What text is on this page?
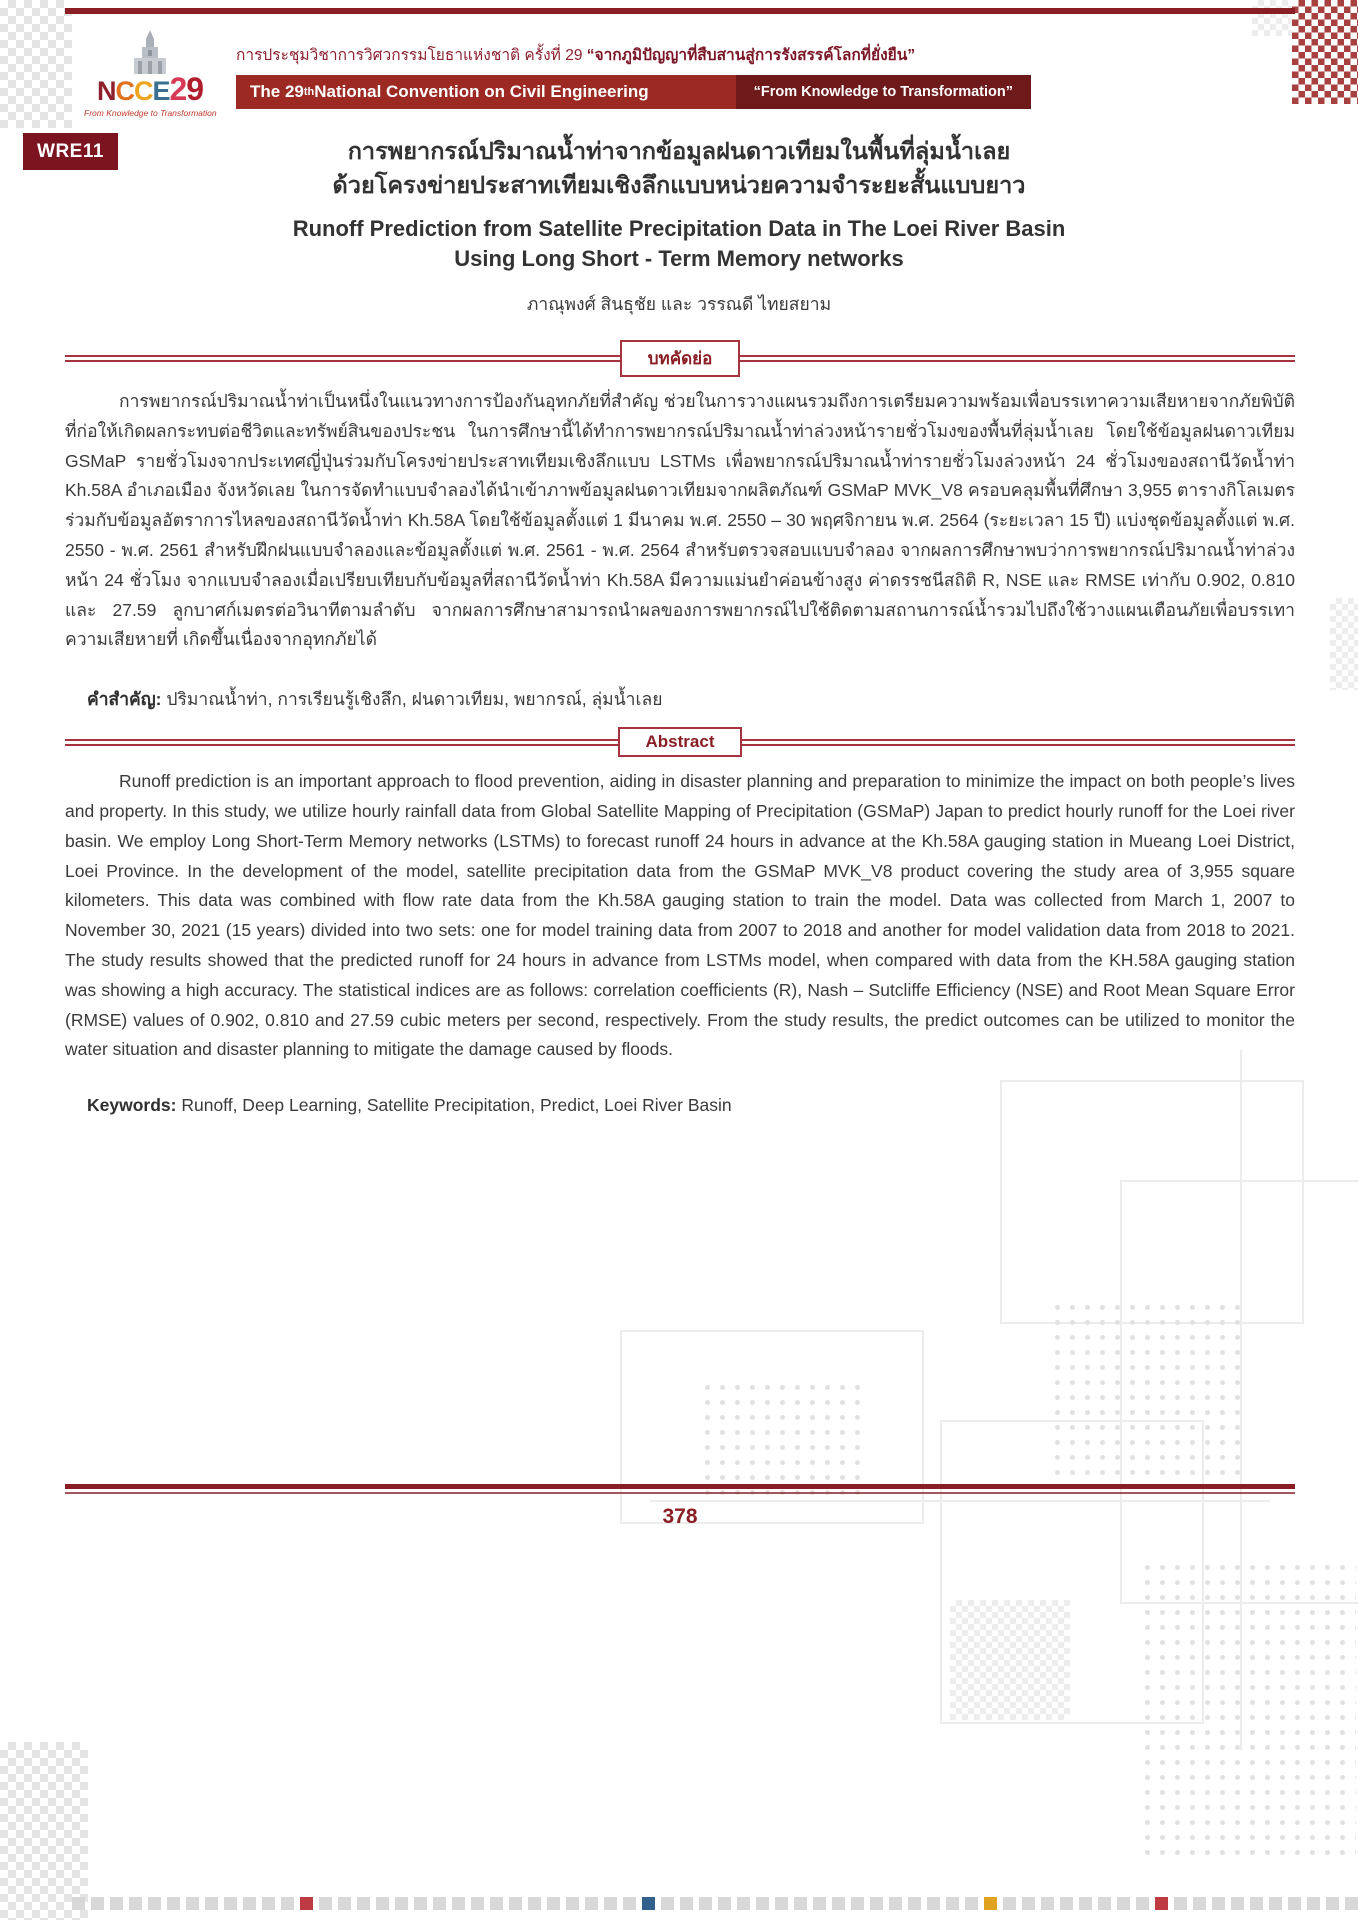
NCCE29
From Knowledge to Transformation
การประชุมวิชาการวิศวกรรมโยธาแห่งชาติ ครั้งที่ 29 “จากภูมิปัญญาที่สืบสานสู่การรังสรรค์โลกที่ยั่งยืน”
The 29 th National Convention on Civil Engineering	“From Knowledge to Transformation”
WRE11	การพยากรณ์ปริมาณน้ำท่าจากข้อมูลฝนดาวเทียมในพื้นที่ลุ่มน้ำเลย
ด้วยโครงข่ายประสาทเทียมเชิงลึกแบบหน่วยความจำระยะสั้นแบบยาว
Runoff Prediction from Satellite Precipitation Data in The Loei River Basin
Using Long Short - Term Memory networks
ภาณุพงศ์ สินธุชัย และ วรรณดี ไทยสยาม
บทคัดย่อ

การพยากรณ์ปริมาณน้ำท่าเป็นหนึ่งในแนวทางการป้องกันอุทกภัยที่สำคัญ ช่วยในการวางแผนรวมถึงการเตรียมความพร้อมเพื่อบรรเทาความเสียหายจากภัยพิบัติที่ก่อให้เกิดผลกระทบต่อชีวิตและทรัพย์สินของประชน ในการศึกษานี้ได้ทำการพยากรณ์ปริมาณน้ำท่าล่วงหน้ารายชั่วโมงของพื้นที่ลุ่มน้ำเลย โดยใช้ข้อมูลฝนดาวเทียม GSMaP รายชั่วโมงจากประเทศญี่ปุ่นร่วมกับโครงข่ายประสาทเทียมเชิงลึกแบบ LSTMs เพื่อพยากรณ์ปริมาณน้ำท่ารายชั่วโมงล่วงหน้า 24 ชั่วโมงของสถานีวัดน้ำท่า Kh.58A อำเภอเมือง จังหวัดเลย ในการจัดทำแบบจำลองได้นำเข้าภาพข้อมูลฝนดาวเทียมจากผลิตภัณฑ์ GSMaP MVK_V8 ครอบคลุมพื้นที่ศึกษา 3,955 ตารางกิโลเมตร ร่วมกับข้อมูลอัตราการไหลของสถานีวัดน้ำท่า Kh.58A โดยใช้ข้อมูลตั้งแต่ 1 มีนาคม พ.ศ. 2550 – 30 พฤศจิกายน พ.ศ. 2564 (ระยะเวลา 15 ปี) แบ่งชุดข้อมูลตั้งแต่ พ.ศ. 2550 - พ.ศ. 2561 สำหรับฝึกฝนแบบจำลองและข้อมูลตั้งแต่ พ.ศ. 2561 - พ.ศ. 2564 สำหรับตรวจสอบแบบจำลอง จากผลการศึกษาพบว่าการพยากรณ์ปริมาณน้ำท่าล่วงหน้า 24 ชั่วโมง จากแบบจำลองเมื่อเปรียบเทียบกับข้อมูลที่สถานีวัดน้ำท่า Kh.58A มีความแม่นยำค่อนข้างสูง ค่าดรรชนีสถิติ R, NSE และ RMSE เท่ากับ 0.902, 0.810 และ 27.59 ลูกบาศก์เมตรต่อวินาทีตามลำดับ จากผลการศึกษาสามารถนำผลของการพยากรณ์ไปใช้ติดตามสถานการณ์น้ำรวมไปถึงใช้วางแผนเตือนภัยเพื่อบรรเทาความเสียหายที่ เกิดขึ้นเนื่องจากอุทกภัยได้

คำสำคัญ: ปริมาณน้ำท่า, การเรียนรู้เชิงลึก, ฝนดาวเทียม, พยากรณ์, ลุ่มน้ำเลย

Abstract

Runoff prediction is an important approach to flood prevention, aiding in disaster planning and preparation to minimize the impact on both people’s lives and property. In this study, we utilize hourly rainfall data from Global Satellite Mapping of Precipitation (GSMaP) Japan to predict hourly runoff for the Loei river basin. We employ Long Short-Term Memory networks (LSTMs) to forecast runoff 24 hours in advance at the Kh.58A gauging station in Mueang Loei District, Loei Province. In the development of the model, satellite precipitation data from the GSMaP MVK_V8 product covering the study area of 3,955 square kilometers. This data was combined with flow rate data from the Kh.58A gauging station to train the model. Data was collected from March 1, 2007 to November 30, 2021 (15 years) divided into two sets: one for model training data from 2007 to 2018 and another for model validation data from 2018 to 2021. The study results showed that the predicted runoff for 24 hours in advance from LSTMs model, when compared with data from the KH.58A gauging station was showing a high accuracy. The statistical indices are as follows: correlation coefficients (R), Nash – Sutcliffe Efficiency (NSE) and Root Mean Square Error (RMSE) values of 0.902, 0.810 and 27.59 cubic meters per second, respectively. From the study results, the predict outcomes can be utilized to monitor the water situation and disaster planning to mitigate the damage caused by floods.

Keywords: Runoff, Deep Learning, Satellite Precipitation, Predict, Loei River Basin

378
